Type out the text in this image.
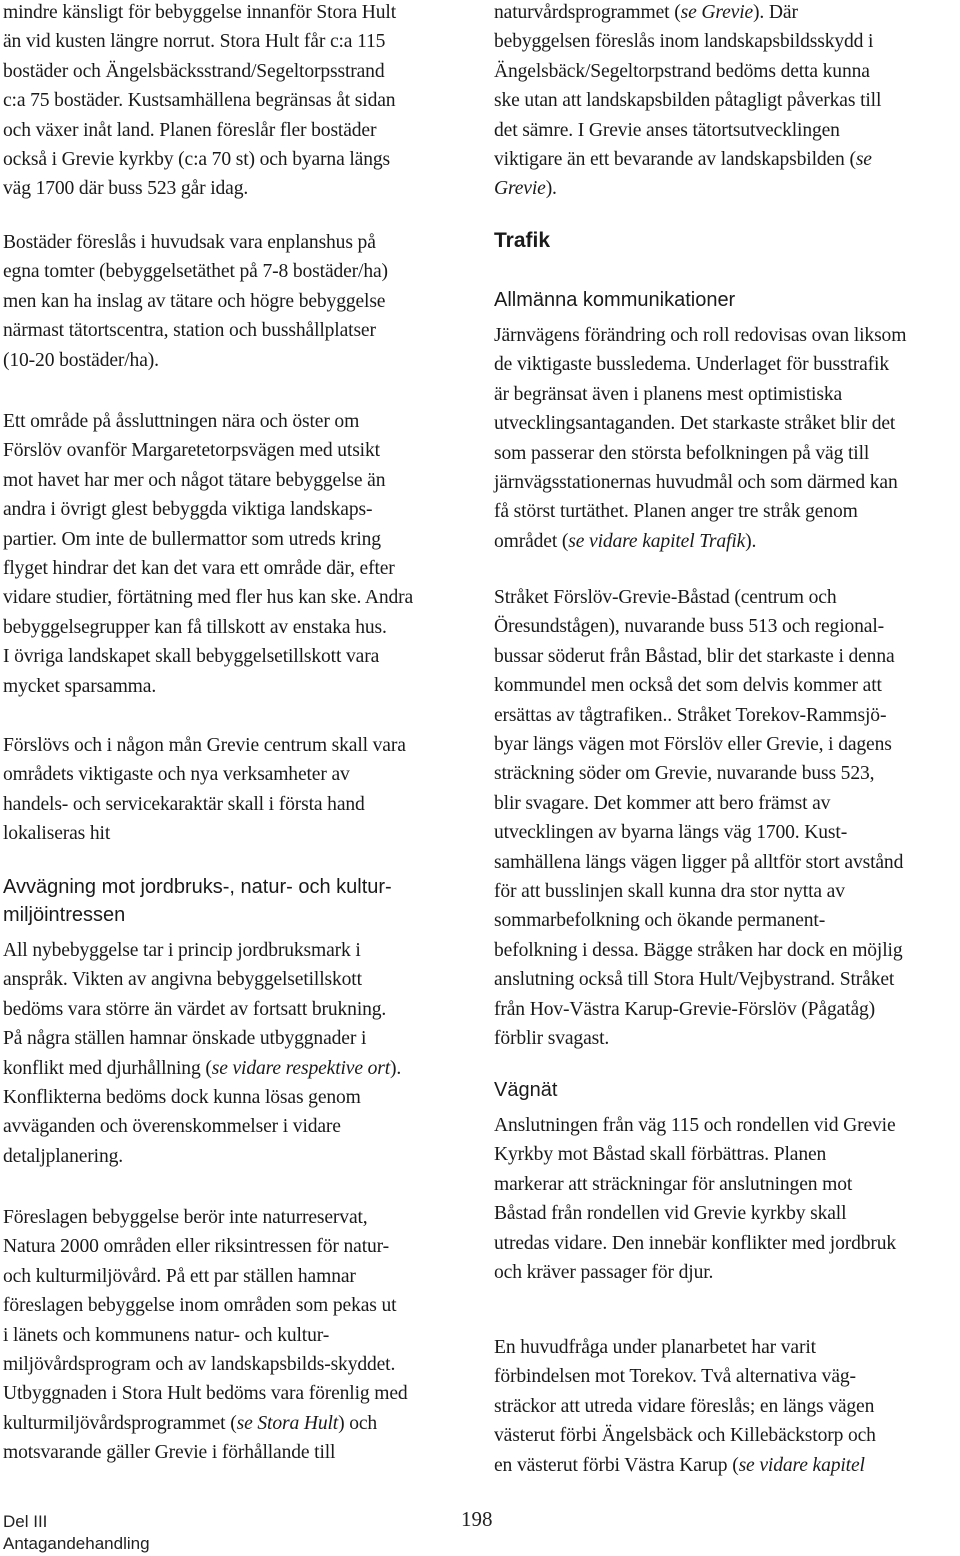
mindre känsligt för bebyggelse innanför Stora Hult
än vid kusten längre norrut. Stora Hult får c:a 115
bostäder och Ängelsbäcksstrand/Segeltorpsstrand
c:a 75 bostäder. Kustsamhällena begränsas åt sidan
och växer inåt land. Planen föreslår fler bostäder
också i Grevie kyrkby (c:a 70 st) och byarna längs
väg 1700 där buss 523 går idag.

Bostäder föreslås i huvudsak vara enplanshus på
egna tomter (bebyggelsetäthet på 7-8 bostäder/ha)
men kan ha inslag av tätare och högre bebyggelse
närmast tätortscentra, station och busshållplatser
(10-20 bostäder/ha).

Ett område på åssluttningen nära och öster om
Förslöv ovanför Margaretetorpsvägen med utsikt
mot havet har mer och något tätare bebyggelse än
andra i övrigt glest bebyggda viktiga landskaps-
partier. Om inte de bullermattor som utreds kring
flyget hindrar det kan det vara ett område där, efter
vidare studier, förtätning med fler hus kan ske. Andra
bebyggelsegrupper kan få tillskott av enstaka hus.
I övriga landskapet skall bebyggelsetillskott vara
mycket sparsamma.

Förslövs och i någon mån Grevie centrum skall vara
områdets viktigaste och nya verksamheter av
handels- och servicekaraktär skall i första hand
lokaliseras hit

Avvägning mot jordbruks-, natur- och kultur-
miljöintressen

All nybebyggelse tar i princip jordbruksmark i
anspråk. Vikten av angivna bebyggelsetillskott
bedöms vara större än värdet av fortsatt brukning.
På några ställen hamnar önskade utbyggnader i
konflikt med djurhållning (se vidare respektive ort).
Konflikterna bedöms dock kunna lösas genom
avväganden och överenskommelser i vidare
detaljplanering.

Föreslagen bebyggelse berör inte naturreservat,
Natura 2000 områden eller riksintressen för natur-
och kulturmiljövård. På ett par ställen hamnar
föreslagen bebyggelse inom områden som pekas ut
i länets och kommunens natur- och kultur-
miljövårdsprogram och av landskapsbilds-skyddet.
Utbyggnaden i Stora Hult bedöms vara förenlig med
kulturmiljövårdsprogrammet (se Stora Hult) och
motsvarande gäller Grevie i förhållande till

naturvårdsprogrammet (se Grevie). Där
bebyggelsen föreslås inom landskapsbildsskydd i
Ängelsbäck/Segeltorpstrand bedöms detta kunna
ske utan att landskapsbilden påtagligt påverkas till
det sämre. I Grevie anses tätortsutvecklingen
viktigare än ett bevarande av landskapsbilden (se
Grevie).

Trafik

Allmänna kommunikationer

Järnvägens förändring och roll redovisas ovan liksom
de viktigaste bussledema. Underlaget för busstrafik
är begränsat även i planens mest optimistiska
utvecklingsantaganden. Det starkaste stråket blir det
som passerar den största befolkningen på väg till
järnvägsstationernas huvudmål och som därmed kan
få störst turtäthet. Planen anger tre stråk genom
området (se vidare kapitel Trafik).

Stråket Förslöv-Grevie-Båstad (centrum och
Öresundstågen), nuvarande buss 513 och regional-
bussar söderut från Båstad, blir det starkaste i denna
kommundel men också det som delvis kommer att
ersättas av tågtrafiken.. Stråket Torekov-Rammsjö-
byar längs vägen mot Förslöv eller Grevie, i dagens
sträckning söder om Grevie, nuvarande buss 523,
blir svagare. Det kommer att bero främst av
utvecklingen av byarna längs väg 1700. Kust-
samhällena längs vägen ligger på alltför stort avstånd
för att busslinjen skall kunna dra stor nytta av
sommarbefolkning och ökande permanent-
befolkning i dessa. Bägge stråken har dock en möjlig
anslutning också till Stora Hult/Vejbystrand. Stråket
från Hov-Västra Karup-Grevie-Förslöv (Pågatåg)
förblir svagast.

Vägnät

Anslutningen från väg 115 och rondellen vid Grevie
Kyrkby mot Båstad skall förbättras. Planen
markerar att sträckningar för anslutningen mot
Båstad från rondellen vid Grevie kyrkby skall
utredas vidare. Den innebär konflikter med jordbruk
och kräver passager för djur.

En huvudfråga under planarbetet har varit
förbindelsen mot Torekov. Två alternativa väg-
sträckor att utreda vidare föreslås; en längs vägen
västerut förbi Ängelsbäck och Killebäckstorp och
en västerut förbi Västra Karup (se vidare kapitel

Del III
Antagandehandling
198
